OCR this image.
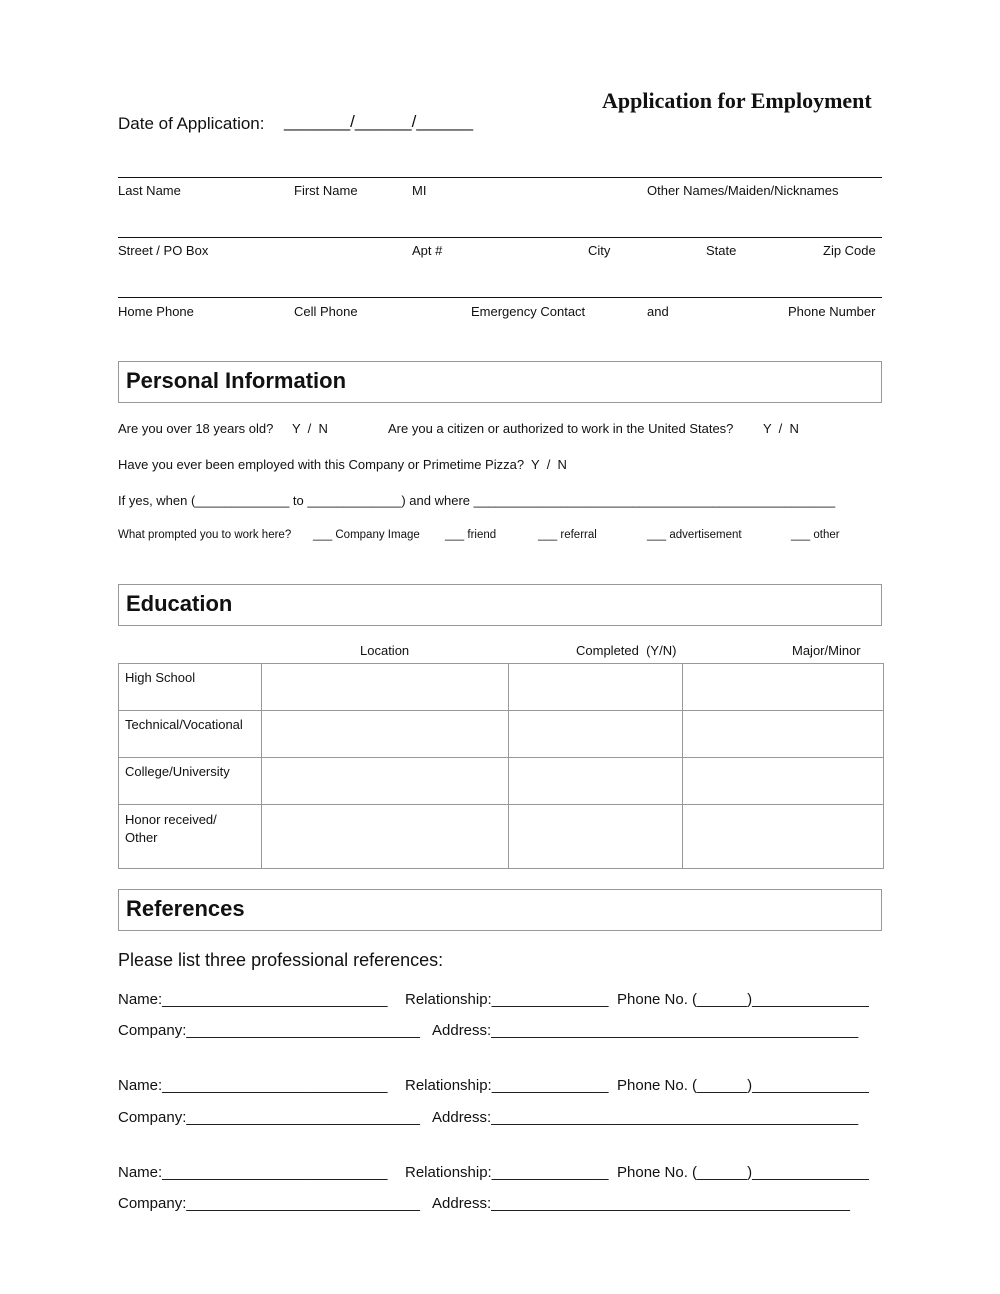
Application for Employment
Date of Application: _______/______/______
Last Name	First Name	MI	Other Names/Maiden/Nicknames
Street / PO Box	Apt #	City	State	Zip Code
Home Phone	Cell Phone	Emergency Contact	and	Phone Number
Personal Information
Are you over 18 years old? Y  /  N	Are you a citizen or authorized to work in the United States? Y  /  N
Have you ever been employed with this Company or Primetime Pizza?  Y  /  N
If yes, when (_____________ to _____________) and where __________________________________________________
What prompted you to work here? ___ Company Image ___ friend	___ referral	___ advertisement	___ other
Education
Location	Completed  (Y/N)	Major/Minor
High School			
Technical/Vocational			
College/University			
Honor received/
Other			
References
Please list three professional references:
Name:___________________________ Relationship:______________ Phone No. (______)______________
Company:____________________________ Address:____________________________________________
Name:___________________________ Relationship:______________ Phone No. (______)______________
Company:____________________________ Address:____________________________________________
Name:___________________________ Relationship:______________ Phone No. (______)______________
Company:____________________________ Address:___________________________________________
